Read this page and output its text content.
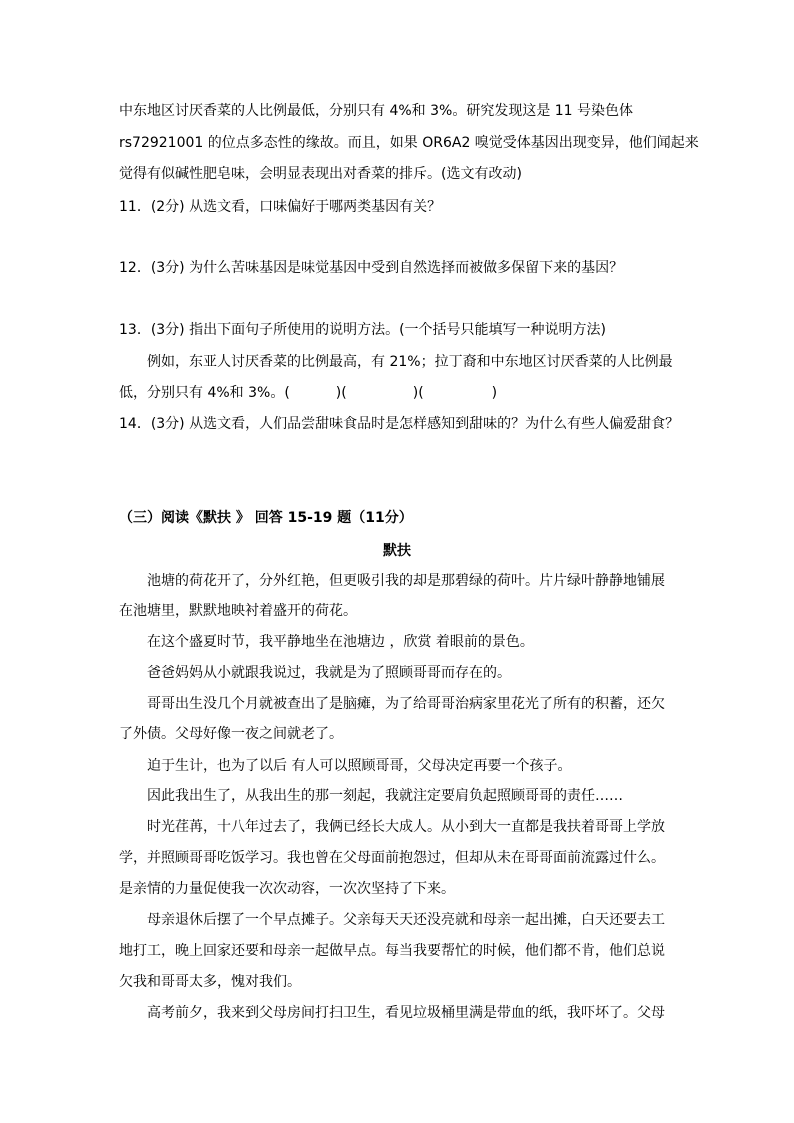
中东地区讨厌香菜的人比例最低，分别只有 4%和 3%。研究发现这是 11 号染色体

rs72921001 的位点多态性的缘故。而且，如果 OR6A2 嗅觉受体基因出现变异，他们闻起来

觉得有似碱性肥皂味，会明显表现出对香菜的排斥。(选文有改动)

11．(2分) 从选文看，口味偏好于哪两类基因有关？

12．(3分) 为什么苦味基因是味觉基因中受到自然选择而被做多保留下来的基因？

13．(3分) 指出下面句子所使用的说明方法。(一个括号只能填写一种说明方法)

例如，东亚人讨厌香菜的比例最高，有 21%；拉丁裔和中东地区讨厌香菜的人比例最

低，分别只有 4%和 3%。(	)(	)(	)

14．(3分) 从选文看，人们品尝甜味食品时是怎样感知到甜味的？为什么有些人偏爱甜食？

（三）阅读《默扶 》 回答 15-19 题（11分）

默扶

池塘的荷花开了，分外红艳，但更吸引我的却是那碧绿的荷叶。片片绿叶静静地铺展

在池塘里，默默地映衬着盛开的荷花。

在这个盛夏时节，我平静地坐在池塘边 ，欣赏 着眼前的景色。

爸爸妈妈从小就跟我说过，我就是为了照顾哥哥而存在的。

哥哥出生没几个月就被查出了是脑瘫，为了给哥哥治病家里花光了所有的积蓄，还欠

了外债。父母好像一夜之间就老了。

迫于生计，也为了以后 有人可以照顾哥哥，父母决定再要一个孩子。

因此我出生了，从我出生的那一刻起，我就注定要肩负起照顾哥哥的责任……

时光荏苒，十八年过去了，我俩已经长大成人。从小到大一直都是我扶着哥哥上学放

学，并照顾哥哥吃饭学习。我也曾在父母面前抱怨过，但却从未在哥哥面前流露过什么。

是亲情的力量促使我一次次动容，一次次坚持了下来。

母亲退休后摆了一个早点摊子。父亲每天天还没亮就和母亲一起出摊，白天还要去工

地打工，晚上回家还要和母亲一起做早点。每当我要帮忙的时候，他们都不肯，他们总说

欠我和哥哥太多，愧对我们。

高考前夕，我来到父母房间打扫卫生，看见垃圾桶里满是带血的纸，我吓坏了。父母
